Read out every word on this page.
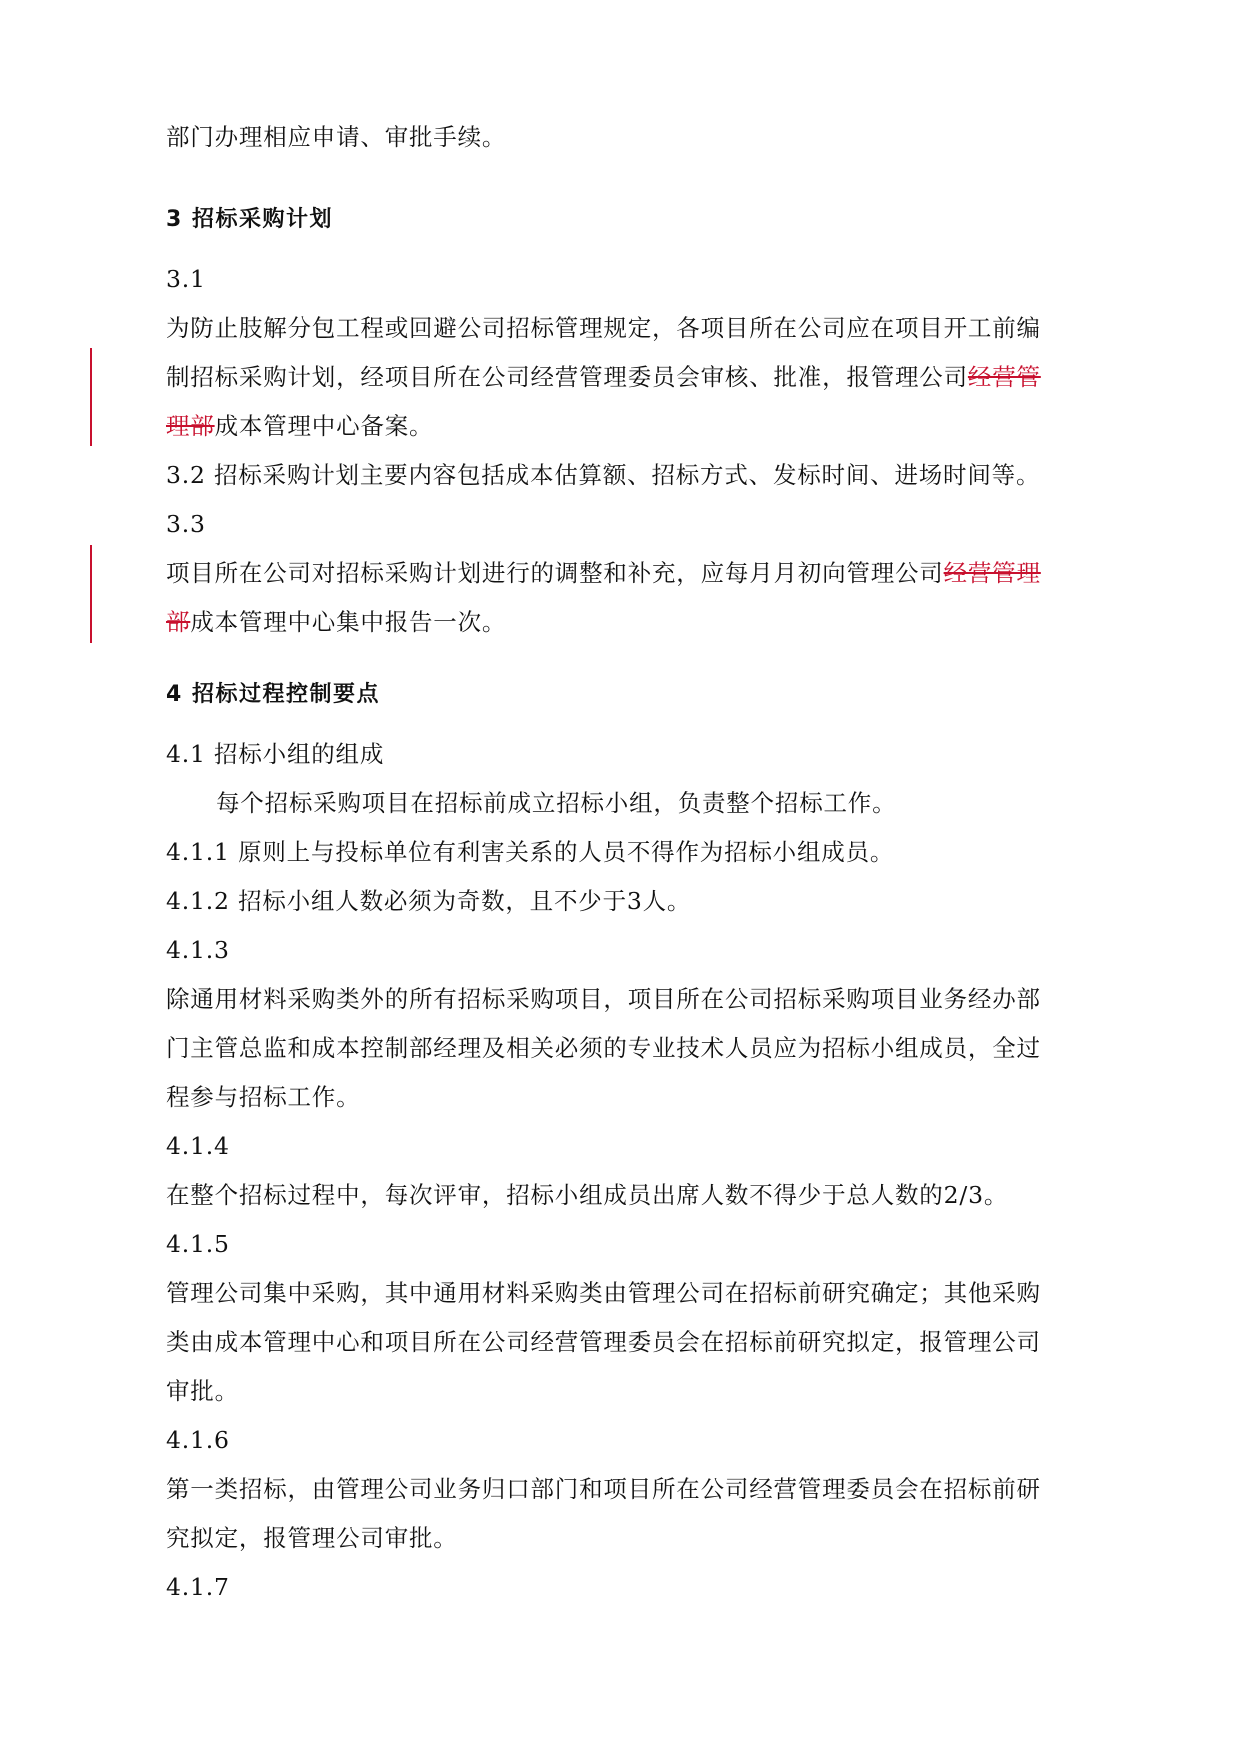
部门办理相应申请、审批手续。

3 招标采购计划

3.1

为防止肢解分包工程或回避公司招标管理规定，各项目所在公司应在项目开工前编

制招标采购计划，经项目所在公司经营管理委员会审核、批准，报管理公司经营管

理部成本管理中心备案。

3.2 招标采购计划主要内容包括成本估算额、招标方式、发标时间、进场时间等。

3.3

项目所在公司对招标采购计划进行的调整和补充，应每月月初向管理公司经营管理

部成本管理中心集中报告一次。

4 招标过程控制要点

4.1 招标小组的组成

每个招标采购项目在招标前成立招标小组，负责整个招标工作。

4.1.1 原则上与投标单位有利害关系的人员不得作为招标小组成员。

4.1.2 招标小组人数必须为奇数，且不少于3人。

4.1.3

除通用材料采购类外的所有招标采购项目，项目所在公司招标采购项目业务经办部

门主管总监和成本控制部经理及相关必须的专业技术人员应为招标小组成员，全过

程参与招标工作。

4.1.4

在整个招标过程中，每次评审，招标小组成员出席人数不得少于总人数的2/3。

4.1.5

管理公司集中采购，其中通用材料采购类由管理公司在招标前研究确定；其他采购

类由成本管理中心和项目所在公司经营管理委员会在招标前研究拟定，报管理公司

审批。

4.1.6

第一类招标，由管理公司业务归口部门和项目所在公司经营管理委员会在招标前研

究拟定，报管理公司审批。

4.1.7
